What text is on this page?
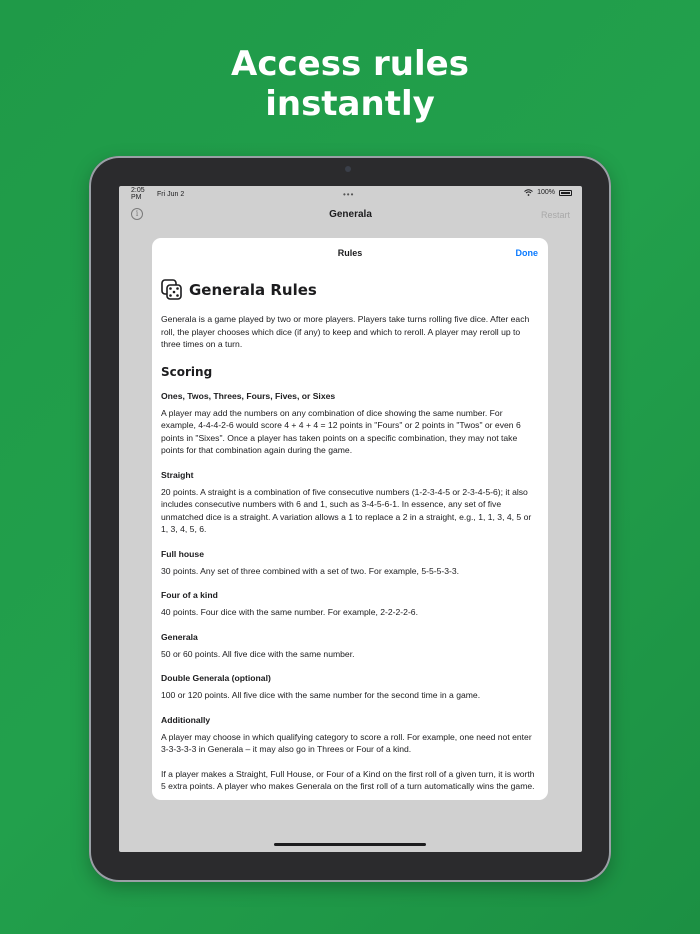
Access rules
instantly
2:05 PM	Fri Jun 2	•••	100%
i	Generala	Restart
Rules	Done
Generala Rules

Generala is a game played by two or more players. Players take turns rolling five dice. After each roll, the player chooses which dice (if any) to keep and which to reroll. A player may reroll up to three times on a turn.

Scoring
Ones, Twos, Threes, Fours, Fives, or Sixes

A player may add the numbers on any combination of dice showing the same number. For example, 4-4-4-2-6 would score 4 + 4 + 4 = 12 points in "Fours" or 2 points in "Twos" or even 6 points in "Sixes". Once a player has taken points on a specific combination, they may not take points for that combination again during the game.

Straight

20 points. A straight is a combination of five consecutive numbers (1-2-3-4-5 or 2-3-4-5-6); it also includes consecutive numbers with 6 and 1, such as 3-4-5-6-1. In essence, any set of five unmatched dice is a straight. A variation allows a 1 to replace a 2 in a straight, e.g., 1, 1, 3, 4, 5 or 1, 3, 4, 5, 6.

Full house

30 points. Any set of three combined with a set of two. For example, 5-5-5-3-3.

Four of a kind

40 points. Four dice with the same number. For example, 2-2-2-2-6.

Generala

50 or 60 points. All five dice with the same number.

Double Generala (optional)

100 or 120 points. All five dice with the same number for the second time in a game.

Additionally

A player may choose in which qualifying category to score a roll. For example, one need not enter 3-3-3-3-3 in Generala – it may also go in Threes or Four of a kind.

If a player makes a Straight, Full House, or Four of a Kind on the first roll of a given turn, it is worth 5 extra points. A player who makes Generala on the first roll of a turn automatically wins the game.
